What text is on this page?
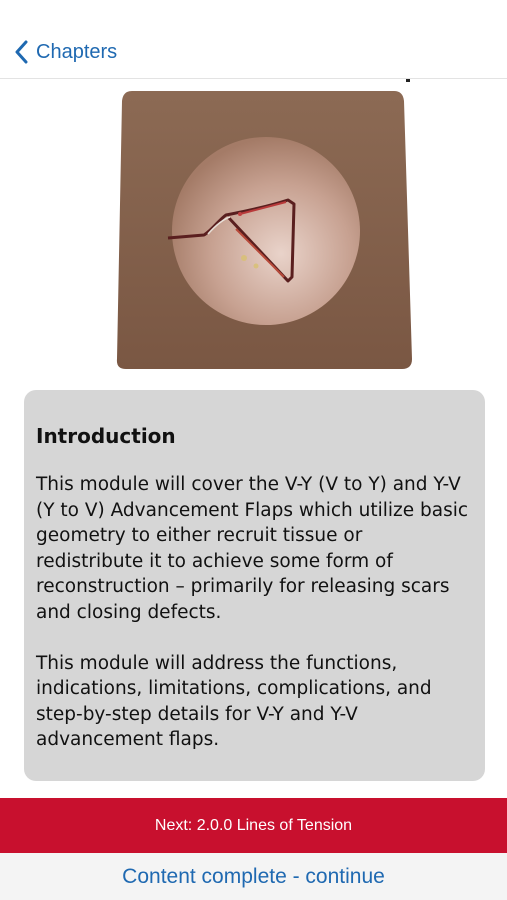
Chapters
Introduction

This module will cover the V-Y (V to Y) and Y-V (Y to V) Advancement Flaps which utilize basic geometry to either recruit tissue or redistribute it to achieve some form of reconstruction – primarily for releasing scars and closing defects.

This module will address the functions, indications, limitations, complications, and step-by-step details for V-Y and Y-V advancement flaps.

Next: 2.0.0 Lines of Tension
Content complete - continue
